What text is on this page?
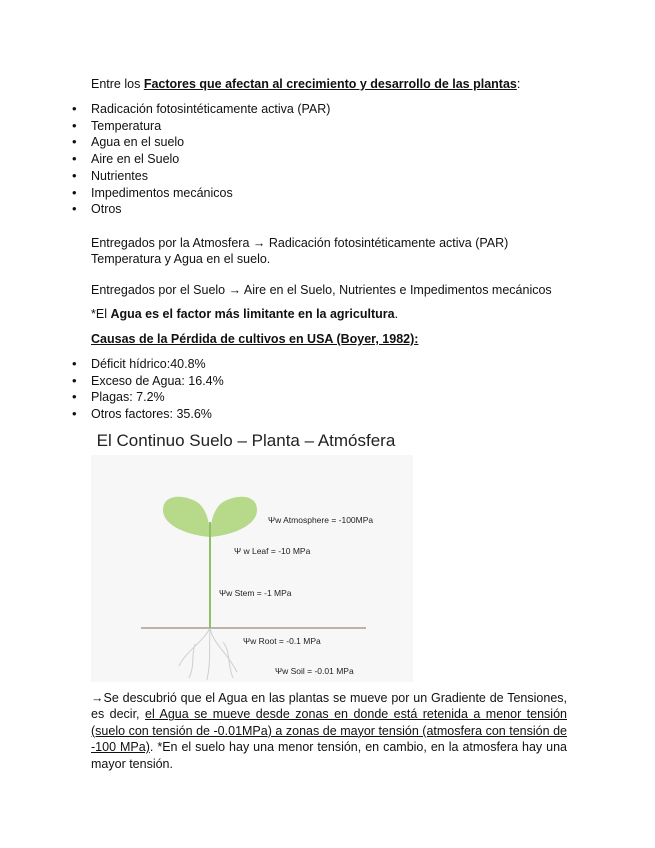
Entre los Factores que afectan al crecimiento y desarrollo de las plantas:
• Radicación fotosintéticamente activa (PAR)
• Temperatura
• Agua en el suelo
• Aire en el Suelo
• Nutrientes
• Impedimentos mecánicos
• Otros
Entregados por la Atmosfera → Radicación fotosintéticamente activa (PAR)
Temperatura y Agua en el suelo.
Entregados por el Suelo → Aire en el Suelo, Nutrientes e Impedimentos mecánicos
*El Agua es el factor más limitante en la agricultura.
Causas de la Pérdida de cultivos en USA (Boyer, 1982):
• Déficit hídrico:40.8%
• Exceso de Agua: 16.4%
• Plagas: 7.2%
• Otros factores: 35.6%
El Continuo Suelo – Planta – Atmósfera
Ψw Atmosphere = -100MPa
Ψ w Leaf = -10 MPa
Ψw Stem = -1 MPa
Ψw Root = -0.1 MPa
Ψw Soil = -0.01 MPa
→Se descubrió que el Agua en las plantas se mueve por un Gradiente de Tensiones, es decir, el Agua se mueve desde zonas en donde está retenida a menor tensión (suelo con tensión de -0.01MPa) a zonas de mayor tensión (atmosfera con tensión de -100 MPa). *En el suelo hay una menor tensión, en cambio, en la atmosfera hay una mayor tensión.
